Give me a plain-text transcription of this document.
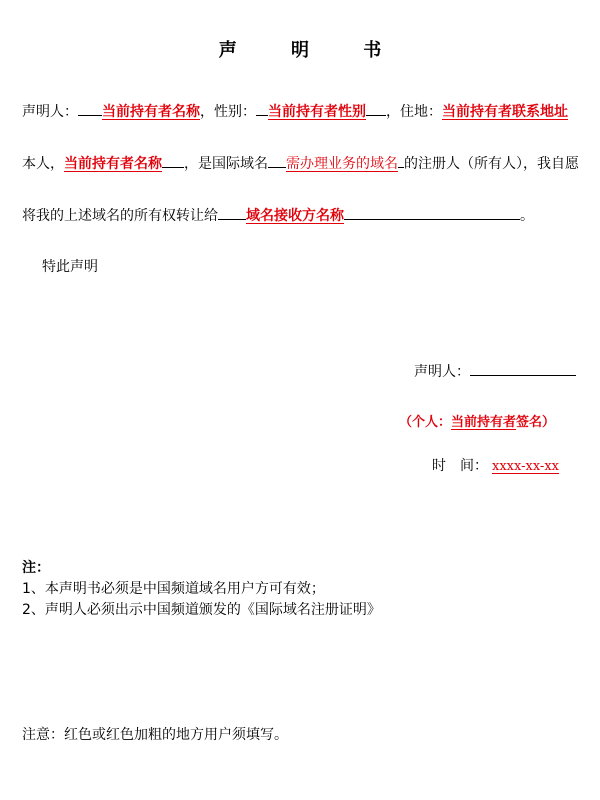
声 明 书
声明人： 当前持有者名称，性别： 当前持有者性别 ，住地：当前持有者联系地址
本人，当前持有者名称 ，是国际域名 需办理业务的域名 的注册人（所有人），我自愿
将我的上述域名的所有权转让给 域名接收方名称	。
特此声明
声明人：
（个人：当前持有者签名）
时　间： xxxx-xx-xx
注：
1、本声明书必须是中国频道域名用户方可有效；
2、声明人必须出示中国频道颁发的《国际域名注册证明》
注意：红色或红色加粗的地方用户须填写。
